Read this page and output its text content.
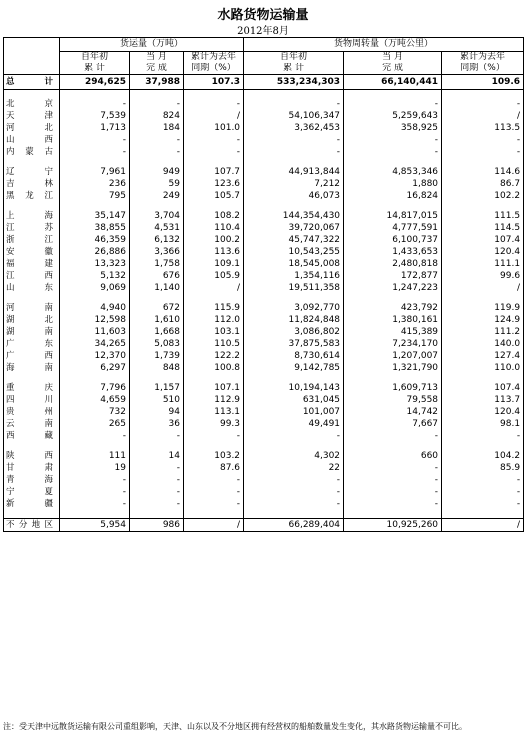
水路货物运输量
2012年8月
	货运量（万吨）			货物周转量（万吨公里）		
	自年初	当 月	累计为去年	自年初	当 月	累计为去年
	累 计	完 成	同期（%）	累 计	完 成	同期（%）
总 计	294,625	37,988	107.3	533,234,303	66,140,441	109.6

北 京	-	-	-	-	-	-
天 津	7,539	824	/	54,106,347	5,259,643	/
河 北	1,713	184	101.0	3,362,453	358,925	113.5
山 西	-	-	-	-	-	-
内蒙古	-	-	-	-	-	-

辽 宁	7,961	949	107.7	44,913,844	4,853,346	114.6
吉 林	236	59	123.6	7,212	1,880	86.7
黑龙江	795	249	105.7	46,073	16,824	102.2

上 海	35,147	3,704	108.2	144,354,430	14,817,015	111.5
江 苏	38,855	4,531	110.4	39,720,067	4,777,591	114.5
浙 江	46,359	6,132	100.2	45,747,322	6,100,737	107.4
安 徽	26,886	3,366	113.6	10,543,255	1,433,653	120.4
福 建	13,323	1,758	109.1	18,545,008	2,480,818	111.1
江 西	5,132	676	105.9	1,354,116	172,877	99.6
山 东	9,069	1,140	/	19,511,358	1,247,223	/

河 南	4,940	672	115.9	3,092,770	423,792	119.9
湖 北	12,598	1,610	112.0	11,824,848	1,380,161	124.9
湖 南	11,603	1,668	103.1	3,086,802	415,389	111.2
广 东	34,265	5,083	110.5	37,875,583	7,234,170	140.0
广 西	12,370	1,739	122.2	8,730,614	1,207,007	127.4
海 南	6,297	848	100.8	9,142,785	1,321,790	110.0

重 庆	7,796	1,157	107.1	10,194,143	1,609,713	107.4
四 川	4,659	510	112.9	631,045	79,558	113.7
贵 州	732	94	113.1	101,007	14,742	120.4
云 南	265	36	99.3	49,491	7,667	98.1
西 藏	-	-	-	-	-	-

陕 西	111	14	103.2	4,302	660	104.2
甘 肃	19	-	87.6	22	-	85.9
青 海	-	-	-	-	-	-
宁 夏	-	-	-	-	-	-
新 疆	-	-	-	-	-	-

不分地区	5,954	986	/	66,289,404	10,925,260	/
注：受天津中远散货运输有限公司重组影响，天津、山东以及不分地区拥有经营权的船舶数量发生变化，其水路货物运输量不可比。
